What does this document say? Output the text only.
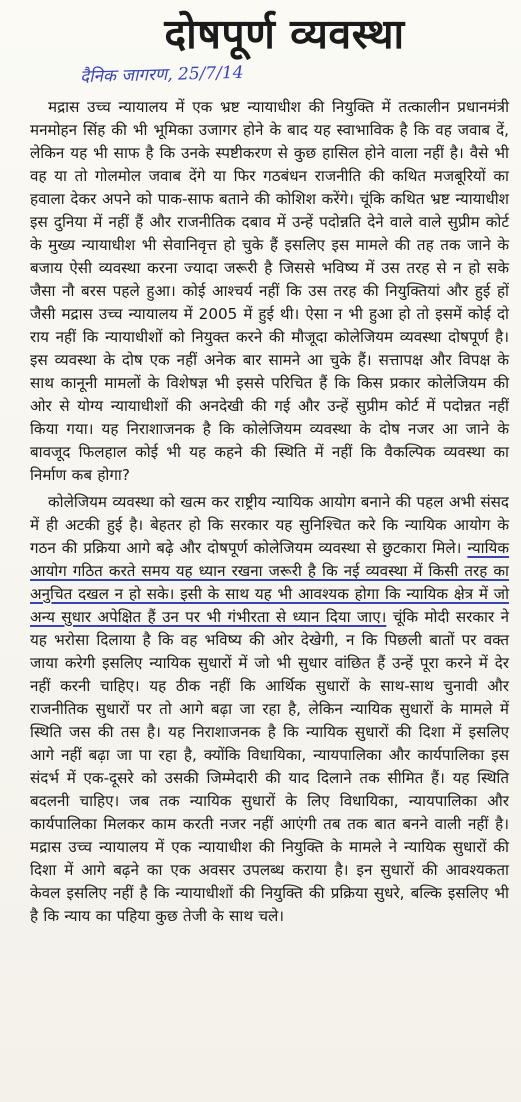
दोषपूर्ण व्यवस्था
दैनिक जागरण, 25/7/14

मद्रास उच्च न्यायालय में एक भ्रष्ट न्यायाधीश की नियुक्ति में तत्कालीन प्रधानमंत्री मनमोहन सिंह की भी भूमिका उजागर होने के बाद यह स्वाभाविक है कि वह जवाब दें, लेकिन यह भी साफ है कि उनके स्पष्टीकरण से कुछ हासिल होने वाला नहीं है। वैसे भी वह या तो गोलमोल जवाब देंगे या फिर गठबंधन राजनीति की कथित मजबूरियों का हवाला देकर अपने को पाक-साफ बताने की कोशिश करेंगे। चूंकि कथित भ्रष्ट न्यायाधीश इस दुनिया में नहीं हैं और राजनीतिक दबाव में उन्हें पदोन्नति देने वाले वाले सुप्रीम कोर्ट के मुख्य न्यायाधीश भी सेवानिवृत्त हो चुके हैं इसलिए इस मामले की तह तक जाने के बजाय ऐसी व्यवस्था करना ज्यादा जरूरी है जिससे भविष्य में उस तरह से न हो सके जैसा नौ बरस पहले हुआ। कोई आश्चर्य नहीं कि उस तरह की नियुक्तियां और हुई हों जैसी मद्रास उच्च न्यायालय में 2005 में हुई थी। ऐसा न भी हुआ हो तो इसमें कोई दो राय नहीं कि न्यायाधीशों को नियुक्त करने की मौजूदा कोलेजियम व्यवस्था दोषपूर्ण है। इस व्यवस्था के दोष एक नहीं अनेक बार सामने आ चुके हैं। सत्तापक्ष और विपक्ष के साथ कानूनी मामलों के विशेषज्ञ भी इससे परिचित हैं कि किस प्रकार कोलेजियम की ओर से योग्य न्यायाधीशों की अनदेखी की गई और उन्हें सुप्रीम कोर्ट में पदोन्नत नहीं किया गया। यह निराशाजनक है कि कोलेजियम व्यवस्था के दोष नजर आ जाने के बावजूद फिलहाल कोई भी यह कहने की स्थिति में नहीं कि वैकल्पिक व्यवस्था का निर्माण कब होगा?

कोलेजियम व्यवस्था को खत्म कर राष्ट्रीय न्यायिक आयोग बनाने की पहल अभी संसद में ही अटकी हुई है। बेहतर हो कि सरकार यह सुनिश्चित करे कि न्यायिक आयोग के गठन की प्रक्रिया आगे बढ़े और दोषपूर्ण कोलेजियम व्यवस्था से छुटकारा मिले। न्यायिक आयोग गठित करते समय यह ध्यान रखना जरूरी है कि नई व्यवस्था में किसी तरह का अनुचित दखल न हो सके। इसी के साथ यह भी आवश्यक होगा कि न्यायिक क्षेत्र में जो अन्य सुधार अपेक्षित हैं उन पर भी गंभीरता से ध्यान दिया जाए। चूंकि मोदी सरकार ने यह भरोसा दिलाया है कि वह भविष्य की ओर देखेगी, न कि पिछली बातों पर वक्त जाया करेगी इसलिए न्यायिक सुधारों में जो भी सुधार वांछित हैं उन्हें पूरा करने में देर नहीं करनी चाहिए। यह ठीक नहीं कि आर्थिक सुधारों के साथ-साथ चुनावी और राजनीतिक सुधारों पर तो आगे बढ़ा जा रहा है, लेकिन न्यायिक सुधारों के मामले में स्थिति जस की तस है। यह निराशाजनक है कि न्यायिक सुधारों की दिशा में इसलिए आगे नहीं बढ़ा जा पा रहा है, क्योंकि विधायिका, न्यायपालिका और कार्यपालिका इस संदर्भ में एक-दूसरे को उसकी जिम्मेदारी की याद दिलाने तक सीमित हैं। यह स्थिति बदलनी चाहिए। जब तक न्यायिक सुधारों के लिए विधायिका, न्यायपालिका और कार्यपालिका मिलकर काम करती नजर नहीं आएंगी तब तक बात बनने वाली नहीं है। मद्रास उच्च न्यायालय में एक न्यायाधीश की नियुक्ति के मामले ने न्यायिक सुधारों की दिशा में आगे बढ़ने का एक अवसर उपलब्ध कराया है। इन सुधारों की आवश्यकता केवल इसलिए नहीं है कि न्यायाधीशों की नियुक्ति की प्रक्रिया सुधरे, बल्कि इसलिए भी है कि न्याय का पहिया कुछ तेजी के साथ चले।
